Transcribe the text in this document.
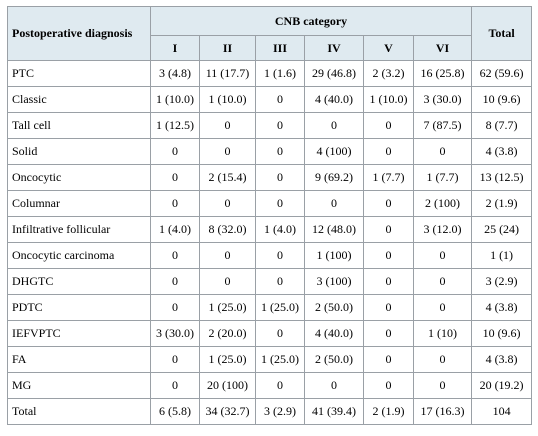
Postoperative diagnosis	CNB category						Total
	I	II	III	IV	V	VI	
PTC	3 (4.8)	11 (17.7)	1 (1.6)	29 (46.8)	2 (3.2)	16 (25.8)	62 (59.6)
Classic	1 (10.0)	1 (10.0)	0	4 (40.0)	1 (10.0)	3 (30.0)	10 (9.6)
Tall cell	1 (12.5)	0	0	0	0	7 (87.5)	8 (7.7)
Solid	0	0	0	4 (100)	0	0	4 (3.8)
Oncocytic	0	2 (15.4)	0	9 (69.2)	1 (7.7)	1 (7.7)	13 (12.5)
Columnar	0	0	0	0	0	2 (100)	2 (1.9)
Infiltrative follicular	1 (4.0)	8 (32.0)	1 (4.0)	12 (48.0)	0	3 (12.0)	25 (24)
Oncocytic carcinoma	0	0	0	1 (100)	0	0	1 (1)
DHGTC	0	0	0	3 (100)	0	0	3 (2.9)
PDTC	0	1 (25.0)	1 (25.0)	2 (50.0)	0	0	4 (3.8)
IEFVPTC	3 (30.0)	2 (20.0)	0	4 (40.0)	0	1 (10)	10 (9.6)
FA	0	1 (25.0)	1 (25.0)	2 (50.0)	0	0	4 (3.8)
MG	0	20 (100)	0	0	0	0	20 (19.2)
Total	6 (5.8)	34 (32.7)	3 (2.9)	41 (39.4)	2 (1.9)	17 (16.3)	104
